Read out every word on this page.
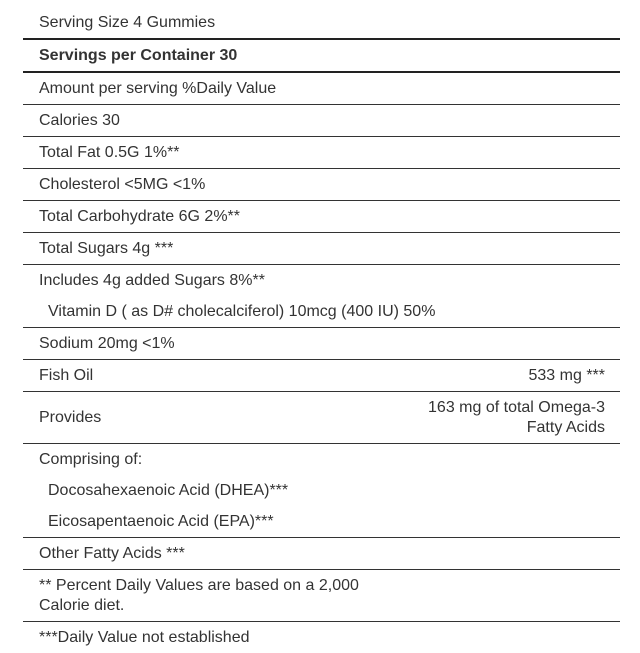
Serving Size 4 Gummies
Servings per Container 30
Amount per serving %Daily Value
Calories 30
Total Fat 0.5G 1%**
Cholesterol <5MG <1%
Total Carbohydrate 6G 2%**
Total Sugars 4g ***
Includes 4g added Sugars 8%**
Vitamin D ( as D# cholecalciferol) 10mcg (400 IU) 50%
Sodium 20mg <1%
Fish Oil	533 mg ***
Provides
163 mg of total Omega-3
Fatty Acids
Comprising of:
Docosahexaenoic Acid (DHEA)***
Eicosapentaenoic Acid (EPA)***
Other Fatty Acids ***
** Percent Daily Values are based on a 2,000
Calorie diet.
***Daily Value not established
